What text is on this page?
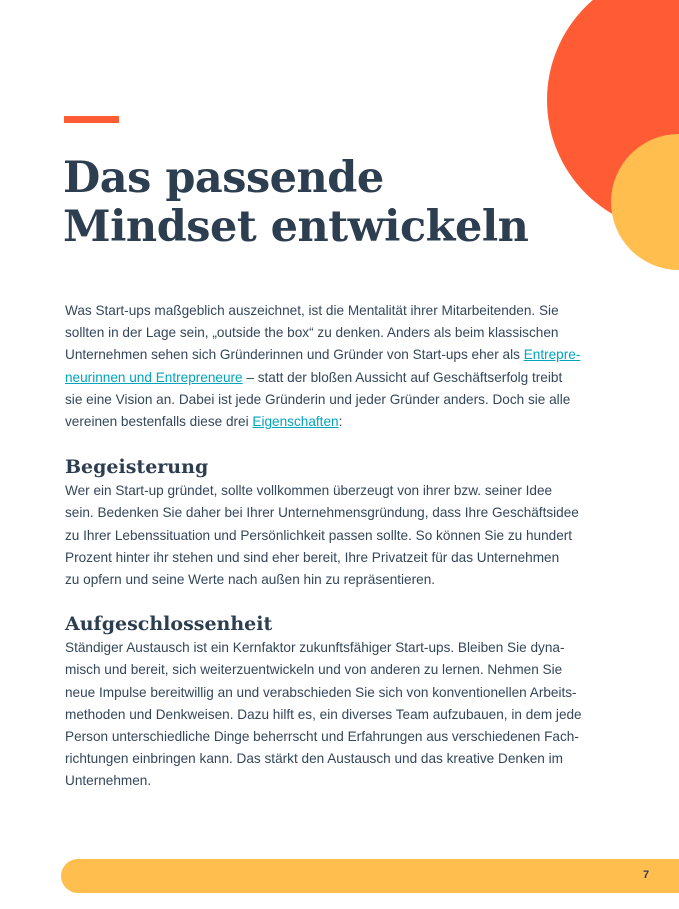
Das passende
Mindset entwickeln

Was Start-ups maßgeblich auszeichnet, ist die Mentalität ihrer Mitarbeitenden. Sie
sollten in der Lage sein, „outside the box“ zu denken. Anders als beim klassischen
Unternehmen sehen sich Gründerinnen und Gründer von Start-ups eher als Entrepre-
neurinnen und Entrepreneure – statt der bloßen Aussicht auf Geschäftserfolg treibt
sie eine Vision an. Dabei ist jede Gründerin und jeder Gründer anders. Doch sie alle
vereinen bestenfalls diese drei Eigenschaften:

Begeisterung

Wer ein Start-up gründet, sollte vollkommen überzeugt von ihrer bzw. seiner Idee
sein. Bedenken Sie daher bei Ihrer Unternehmensgründung, dass Ihre Geschäftsidee
zu Ihrer Lebenssituation und Persönlichkeit passen sollte. So können Sie zu hundert
Prozent hinter ihr stehen und sind eher bereit, Ihre Privatzeit für das Unternehmen
zu opfern und seine Werte nach außen hin zu repräsentieren.

Aufgeschlossenheit

Ständiger Austausch ist ein Kernfaktor zukunftsfähiger Start-ups. Bleiben Sie dyna-
misch und bereit, sich weiterzuentwickeln und von anderen zu lernen. Nehmen Sie
neue Impulse bereitwillig an und verabschieden Sie sich von konventionellen Arbeits-
methoden und Denkweisen. Dazu hilft es, ein diverses Team aufzubauen, in dem jede
Person unterschiedliche Dinge beherrscht und Erfahrungen aus verschiedenen Fach-
richtungen einbringen kann. Das stärkt den Austausch und das kreative Denken im
Unternehmen.

7
